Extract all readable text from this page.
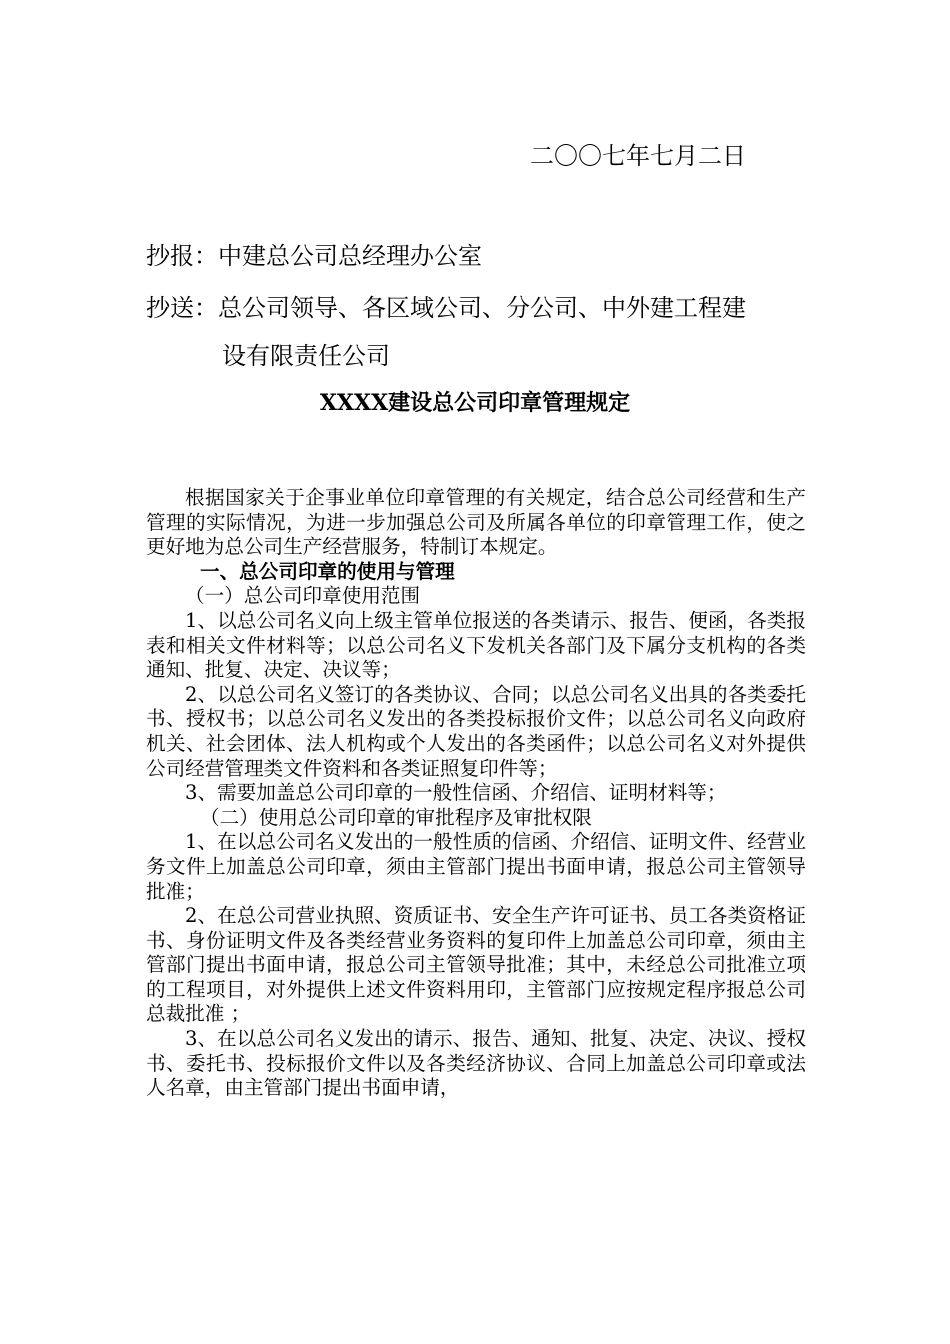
二〇〇七年七月二日
抄报：中建总公司总经理办公室
抄送：总公司领导、各区域公司、分公司、中外建工程建
设有限责任公司
XXXX建设总公司印章管理规定

根据国家关于企事业单位印章管理的有关规定，结合总公司经营和生产管理的实际情况，为进一步加强总公司及所属各单位的印章管理工作，使之更好地为总公司生产经营服务，特制订本规定。

一、总公司印章的使用与管理

（一）总公司印章使用范围

1、以总公司名义向上级主管单位报送的各类请示、报告、便函，各类报表和相关文件材料等；以总公司名义下发机关各部门及下属分支机构的各类通知、批复、决定、决议等；

2、以总公司名义签订的各类协议、合同；以总公司名义出具的各类委托书、授权书；以总公司名义发出的各类投标报价文件；以总公司名义向政府机关、社会团体、法人机构或个人发出的各类函件；以总公司名义对外提供公司经营管理类文件资料和各类证照复印件等；

3、需要加盖总公司印章的一般性信函、介绍信、证明材料等；

（二）使用总公司印章的审批程序及审批权限

1、在以总公司名义发出的一般性质的信函、介绍信、证明文件、经营业务文件上加盖总公司印章，须由主管部门提出书面申请，报总公司主管领导批准；

2、在总公司营业执照、资质证书、安全生产许可证书、员工各类资格证书、身份证明文件及各类经营业务资料的复印件上加盖总公司印章，须由主管部门提出书面申请，报总公司主管领导批准；其中，未经总公司批准立项的工程项目，对外提供上述文件资料用印，主管部门应按规定程序报总公司总裁批准 ；

3、在以总公司名义发出的请示、报告、通知、批复、决定、决议、授权书、委托书、投标报价文件以及各类经济协议、合同上加盖总公司印章或法人名章，由主管部门提出书面申请，
